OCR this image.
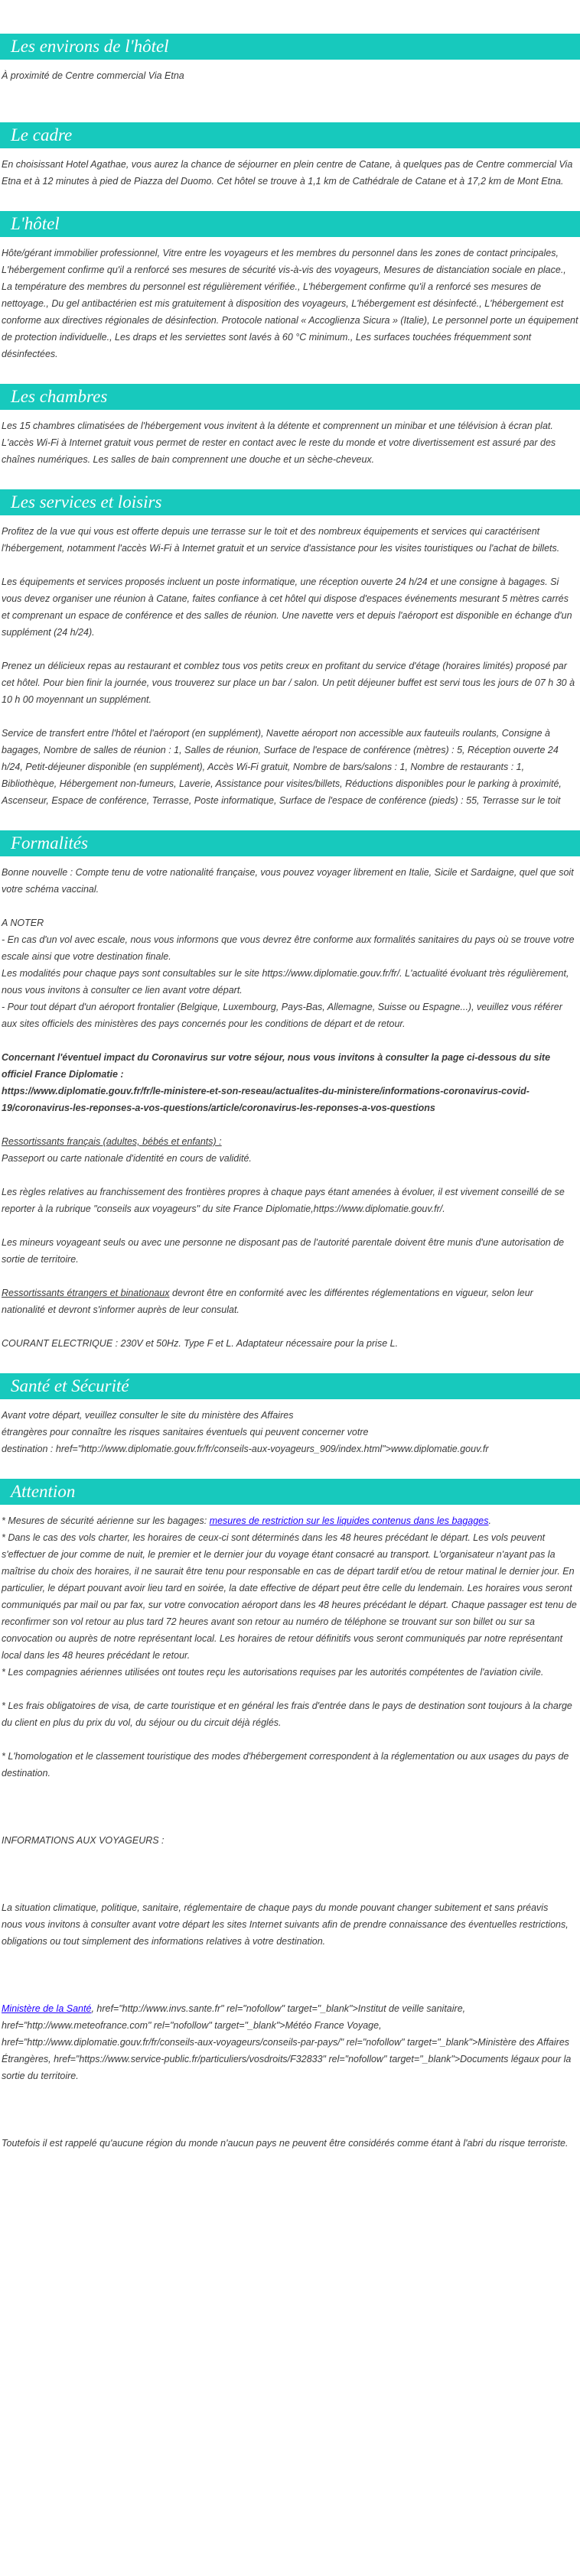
Les environs de l'hôtel

À proximité de Centre commercial Via Etna

Le cadre

En choisissant Hotel Agathae, vous aurez la chance de séjourner en plein centre de Catane, à quelques pas de Centre commercial Via Etna et à 12 minutes à pied de Piazza del Duomo. Cet hôtel se trouve à 1,1 km de Cathédrale de Catane et à 17,2 km de Mont Etna.

L'hôtel

Hôte/gérant immobilier professionnel, Vitre entre les voyageurs et les membres du personnel dans les zones de contact principales, L'hébergement confirme qu'il a renforcé ses mesures de sécurité vis-à-vis des voyageurs, Mesures de distanciation sociale en place., La température des membres du personnel est régulièrement vérifiée., L'hébergement confirme qu'il a renforcé ses mesures de nettoyage., Du gel antibactérien est mis gratuitement à disposition des voyageurs, L'hébergement est désinfecté., L'hébergement est conforme aux directives régionales de désinfection. Protocole national « Accoglienza Sicura » (Italie), Le personnel porte un équipement de protection individuelle., Les draps et les serviettes sont lavés à 60 °C minimum., Les surfaces touchées fréquemment sont désinfectées.

Les chambres

Les 15 chambres climatisées de l'hébergement vous invitent à la détente et comprennent un minibar et une télévision à écran plat. L'accès Wi-Fi à Internet gratuit vous permet de rester en contact avec le reste du monde et votre divertissement est assuré par des chaînes numériques. Les salles de bain comprennent une douche et un sèche-cheveux.

Les services et loisirs

Profitez de la vue qui vous est offerte depuis une terrasse sur le toit et des nombreux équipements et services qui caractérisent l'hébergement, notamment l'accès Wi-Fi à Internet gratuit et un service d'assistance pour les visites touristiques ou l'achat de billets.

Les équipements et services proposés incluent un poste informatique, une réception ouverte 24 h/24 et une consigne à bagages. Si vous devez organiser une réunion à Catane, faites confiance à cet hôtel qui dispose d'espaces événements mesurant 5 mètres carrés et comprenant un espace de conférence et des salles de réunion. Une navette vers et depuis l'aéroport est disponible en échange d'un supplément (24 h/24).

Prenez un délicieux repas au restaurant et comblez tous vos petits creux en profitant du service d'étage (horaires limités) proposé par cet hôtel. Pour bien finir la journée, vous trouverez sur place un bar / salon. Un petit déjeuner buffet est servi tous les jours de 07 h 30 à 10 h 00 moyennant un supplément.

Service de transfert entre l'hôtel et l'aéroport (en supplément), Navette aéroport non accessible aux fauteuils roulants, Consigne à bagages, Nombre de salles de réunion : 1, Salles de réunion, Surface de l'espace de conférence (mètres) : 5, Réception ouverte 24 h/24, Petit-déjeuner disponible (en supplément), Accès Wi-Fi gratuit, Nombre de bars/salons : 1, Nombre de restaurants : 1, Bibliothèque, Hébergement non-fumeurs, Laverie, Assistance pour visites/billets, Réductions disponibles pour le parking à proximité, Ascenseur, Espace de conférence, Terrasse, Poste informatique, Surface de l'espace de conférence (pieds) : 55, Terrasse sur le toit

Formalités

Bonne nouvelle : Compte tenu de votre nationalité française, vous pouvez voyager librement en Italie, Sicile et Sardaigne, quel que soit votre schéma vaccinal.

A NOTER
- En cas d'un vol avec escale, nous vous informons que vous devrez être conforme aux formalités sanitaires du pays où se trouve votre escale ainsi que votre destination finale.
Les modalités pour chaque pays sont consultables sur le site https://www.diplomatie.gouv.fr/fr/. L'actualité évoluant très régulièrement, nous vous invitons à consulter ce lien avant votre départ.
- Pour tout départ d'un aéroport frontalier (Belgique, Luxembourg, Pays-Bas, Allemagne, Suisse ou Espagne...), veuillez vous référer aux sites officiels des ministères des pays concernés pour les conditions de départ et de retour.

Concernant l'éventuel impact du Coronavirus sur votre séjour, nous vous invitons à consulter la page ci-dessous du site officiel France Diplomatie :
https://www.diplomatie.gouv.fr/fr/le-ministere-et-son-reseau/actualites-du-ministere/informations-coronavirus-covid-19/coronavirus-les-reponses-a-vos-questions/article/coronavirus-les-reponses-a-vos-questions

Ressortissants français (adultes, bébés et enfants) :
Passeport ou carte nationale d'identité en cours de validité.

Les règles relatives au franchissement des frontières propres à chaque pays étant amenées à évoluer, il est vivement conseillé de se reporter à la rubrique "conseils aux voyageurs" du site France Diplomatie,https://www.diplomatie.gouv.fr/.

Les mineurs voyageant seuls ou avec une personne ne disposant pas de l'autorité parentale doivent être munis d'une autorisation de sortie de territoire.

Ressortissants étrangers et binationaux devront être en conformité avec les différentes réglementations en vigueur, selon leur nationalité et devront s'informer auprès de leur consulat.

COURANT ELECTRIQUE : 230V et 50Hz. Type F et L. Adaptateur nécessaire pour la prise L.

Santé et Sécurité

Avant votre départ, veuillez consulter le site du ministère des Affaires
étrangères pour connaître les risques sanitaires éventuels qui peuvent concerner votre
destination : href="http://www.diplomatie.gouv.fr/fr/conseils-aux-voyageurs_909/index.html">www.diplomatie.gouv.fr

Attention
* Mesures de sécurité aérienne sur les bagages: mesures de restriction sur les liquides contenus dans les bagages.
* Dans le cas des vols charter, les horaires de ceux-ci sont déterminés dans les 48 heures précédant le départ. Les vols peuvent s'effectuer de jour comme de nuit, le premier et le dernier jour du voyage étant consacré au transport. L'organisateur n'ayant pas la maîtrise du choix des horaires, il ne saurait être tenu pour responsable en cas de départ tardif et/ou de retour matinal le dernier jour. En particulier, le départ pouvant avoir lieu tard en soirée, la date effective de départ peut être celle du lendemain. Les horaires vous seront communiqués par mail ou par fax, sur votre convocation aéroport dans les 48 heures précédant le départ. Chaque passager est tenu de reconfirmer son vol retour au plus tard 72 heures avant son retour au numéro de téléphone se trouvant sur son billet ou sur sa convocation ou auprès de notre représentant local. Les horaires de retour définitifs vous seront communiqués par notre représentant local dans les 48 heures précédant le retour.
* Les compagnies aériennes utilisées ont toutes reçu les autorisations requises par les autorités compétentes de l'aviation civile.
* Les frais obligatoires de visa, de carte touristique et en général les frais d'entrée dans le pays de destination sont toujours à la charge du client en plus du prix du vol, du séjour ou du circuit déjà réglés.
* L'homologation et le classement touristique des modes d'hébergement correspondent à la réglementation ou aux usages du pays de destination.
INFORMATIONS AUX VOYAGEURS :
La situation climatique, politique, sanitaire, réglementaire de chaque pays du monde pouvant changer subitement et sans préavis
nous vous invitons à consulter avant votre départ les sites Internet suivants afin de prendre connaissance des éventuelles restrictions, obligations ou tout simplement des informations relatives à votre destination.
Ministère de la Santé, href="http://www.invs.sante.fr" rel="nofollow" target="_blank">Institut de veille sanitaire, href="http://www.meteofrance.com" rel="nofollow" target="_blank">Météo France Voyage, href="http://www.diplomatie.gouv.fr/fr/conseils-aux-voyageurs/conseils-par-pays/" rel="nofollow" target="_blank">Ministère des Affaires Étrangères, href="https://www.service-public.fr/particuliers/vosdroits/F32833" rel="nofollow" target="_blank">Documents légaux pour la sortie du territoire.
Toutefois il est rappelé qu'aucune région du monde n'aucun pays ne peuvent être considérés comme étant à l'abri du risque terroriste.
